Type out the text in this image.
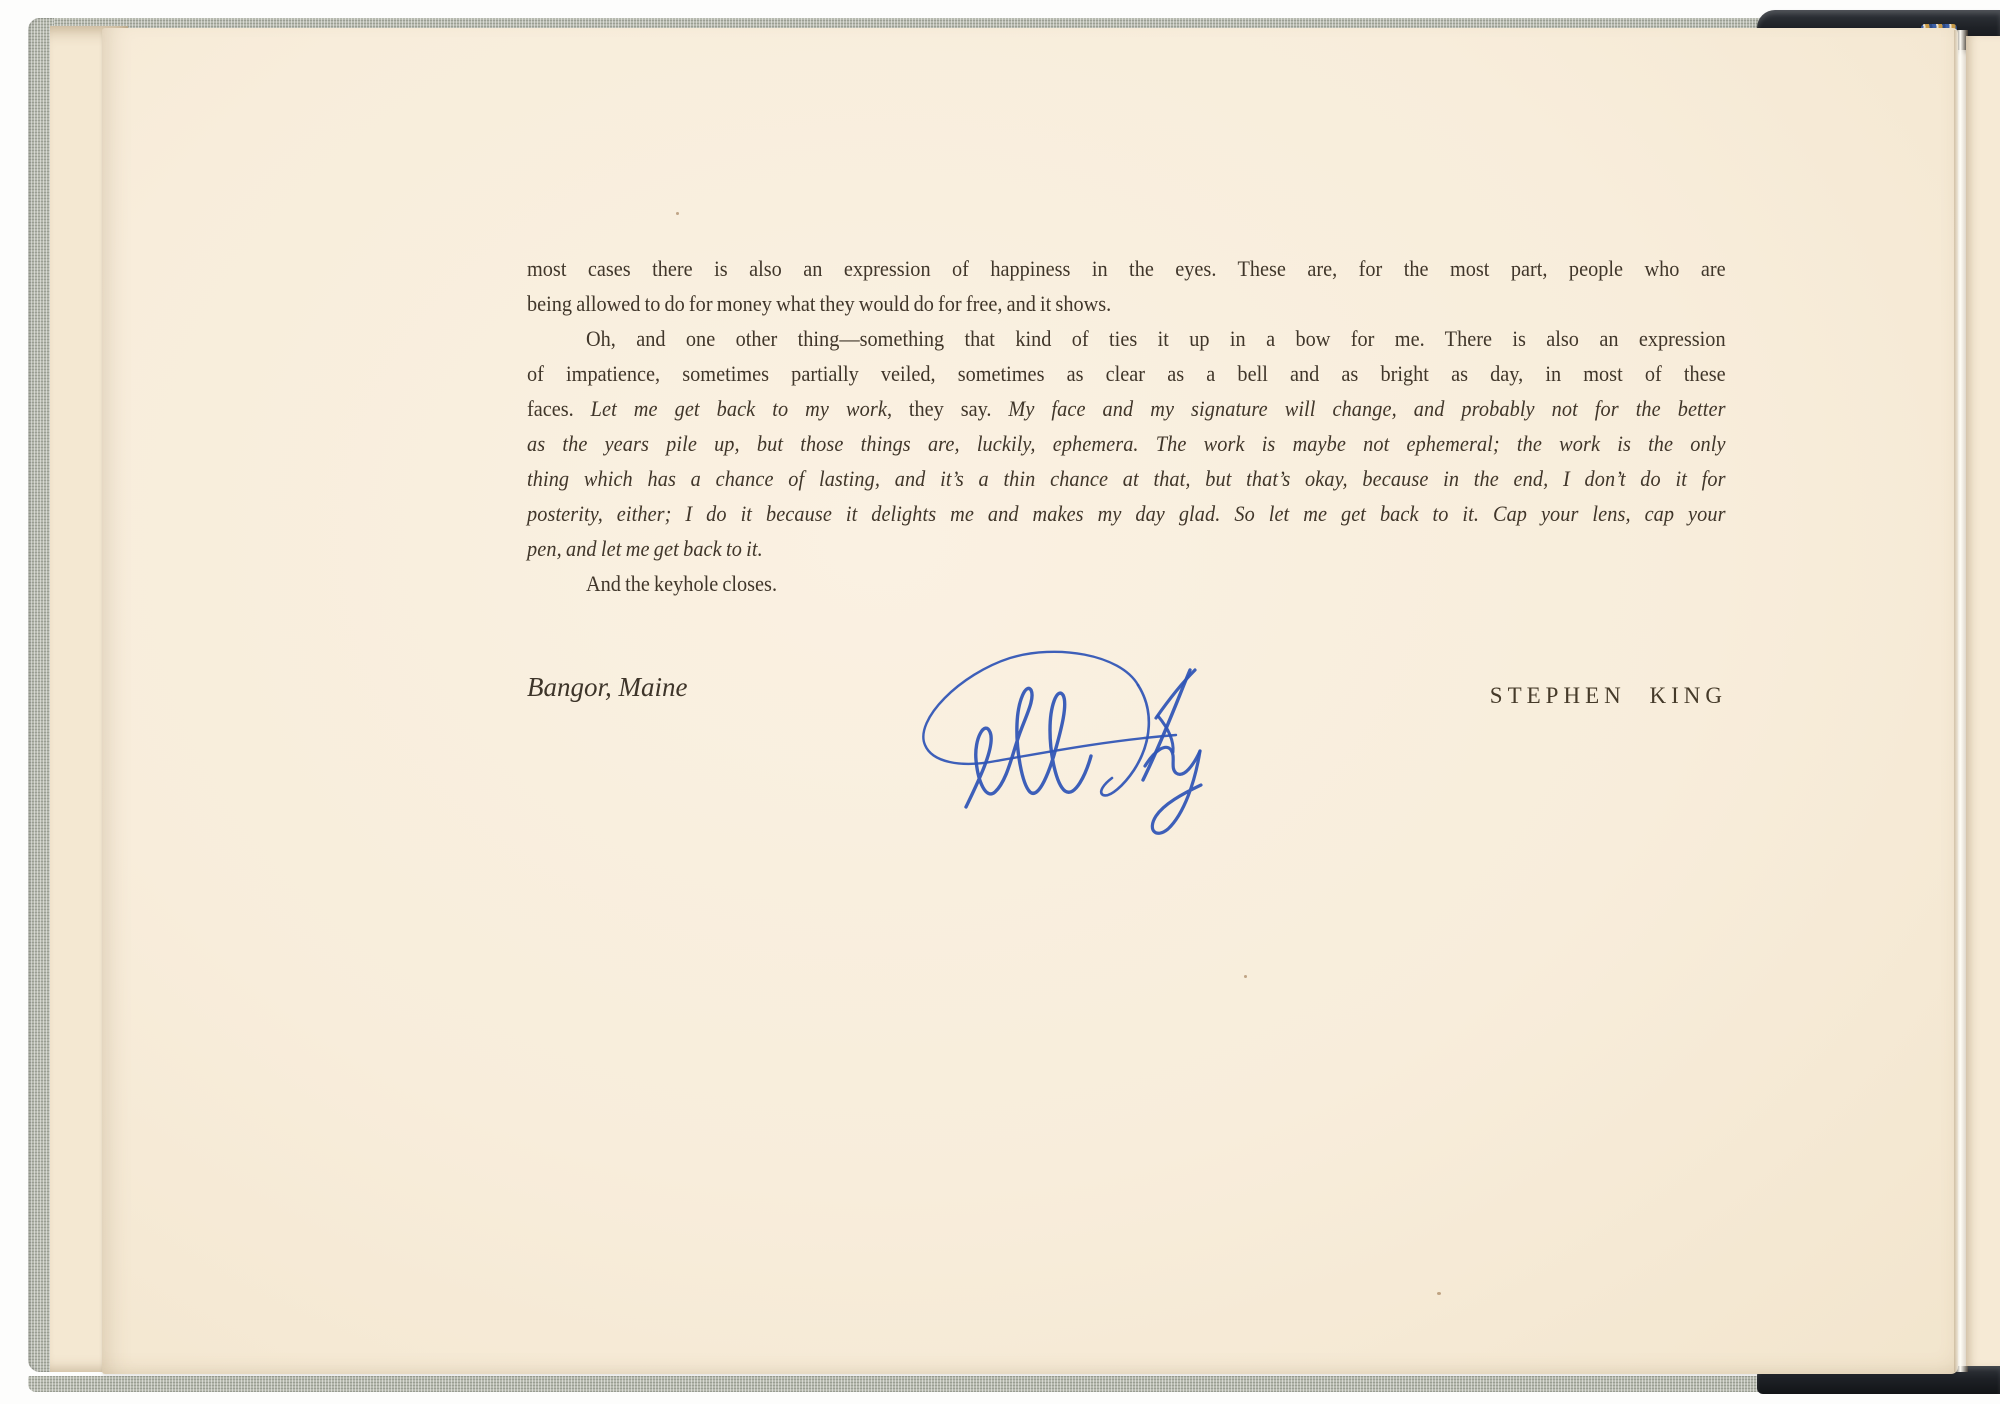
most cases there is also an expression of happiness in the eyes. These are, for the most part, people who are
being allowed to do for money what they would do for free, and it shows.
Oh, and one other thing—something that kind of ties it up in a bow for me. There is also an expression
of impatience, sometimes partially veiled, sometimes as clear as a bell and as bright as day, in most of these
faces. Let me get back to my work, they say. My face and my signature will change, and probably not for the better
as the years pile up, but those things are, luckily, ephemera. The work is maybe not ephemeral; the work is the only
thing which has a chance of lasting, and it’s a thin chance at that, but that’s okay, because in the end, I don’t do it for
posterity, either; I do it because it delights me and makes my day glad. So let me get back to it. Cap your lens, cap your
pen, and let me get back to it.
And the keyhole closes.
Bangor, Maine	STEPHEN KING
